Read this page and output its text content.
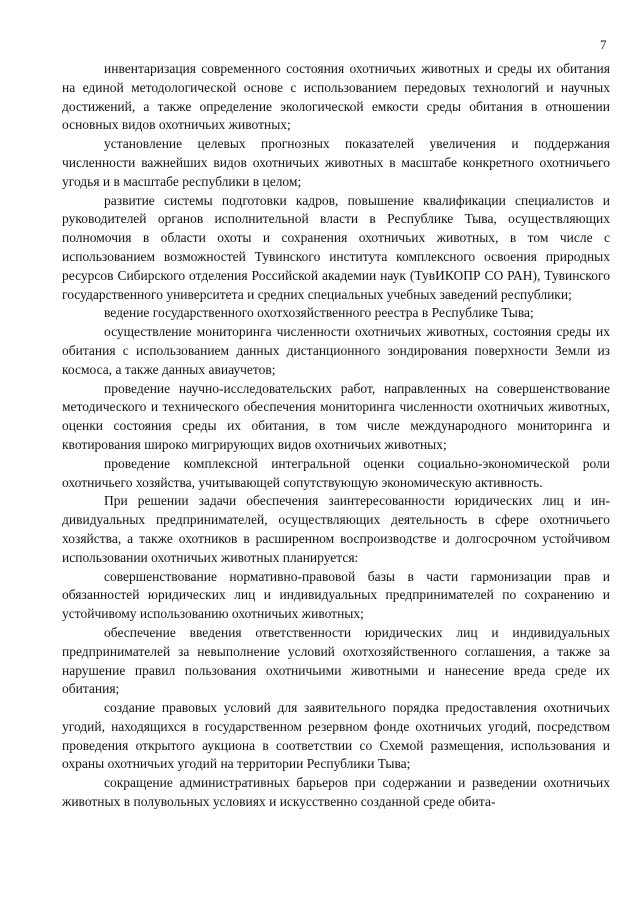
7

инвентаризация современного состояния охотничьих животных и среды их обитания на единой методологической основе с использованием передовых технологий и научных достижений, а также определение экологической емкости среды обитания в отношении основных видов охотничьих животных;

установление целевых прогнозных показателей увеличения и поддержания численности важнейших видов охотничьих животных в масштабе конкретного охотничьего угодья и в масштабе республики в целом;

развитие системы подготовки кадров, повышение квалификации специалистов и руководителей органов исполнительной власти в Республике Тыва, осуществляющих полномочия в области охоты и сохранения охотничьих животных, в том числе с использованием возможностей Тувинского института комплексного освоения природных ресурсов Сибирского отделения Российской академии наук (ТувИКОПР СО РАН), Тувинского государственного университета и средних специальных учебных заведений республики;

ведение государственного охотхозяйственного реестра в Республике Тыва;

осуществление мониторинга численности охотничьих животных, состояния среды их обитания с использованием данных дистанционного зондирования поверхности Земли из космоса, а также данных авиаучетов;

проведение научно-исследовательских работ, направленных на совершенствование методического и технического обеспечения мониторинга численности охотничьих животных, оценки состояния среды их обитания, в том числе международного мониторинга и квотирования широко мигрирующих видов охотничьих животных;

проведение комплексной интегральной оценки социально-экономической роли охотничьего хозяйства, учитывающей сопутствующую экономическую активность.

При решении задачи обеспечения заинтересованности юридических лиц и индивидуальных предпринимателей, осуществляющих деятельность в сфере охотничьего хозяйства, а также охотников в расширенном воспроизводстве и долгосрочном устойчивом использовании охотничьих животных планируется:

совершенствование нормативно-правовой базы в части гармонизации прав и обязанностей юридических лиц и индивидуальных предпринимателей по сохранению и устойчивому использованию охотничьих животных;

обеспечение введения ответственности юридических лиц и индивидуальных предпринимателей за невыполнение условий охотхозяйственного соглашения, а также за нарушение правил пользования охотничьими животными и нанесение вреда среде их обитания;

создание правовых условий для заявительного порядка предоставления охотничьих угодий, находящихся в государственном резервном фонде охотничьих угодий, посредством проведения открытого аукциона в соответствии со Схемой размещения, использования и охраны охотничьих угодий на территории Республики Тыва;

сокращение административных барьеров при содержании и разведении охотничьих животных в полувольных условиях и искусственно созданной среде обита-
